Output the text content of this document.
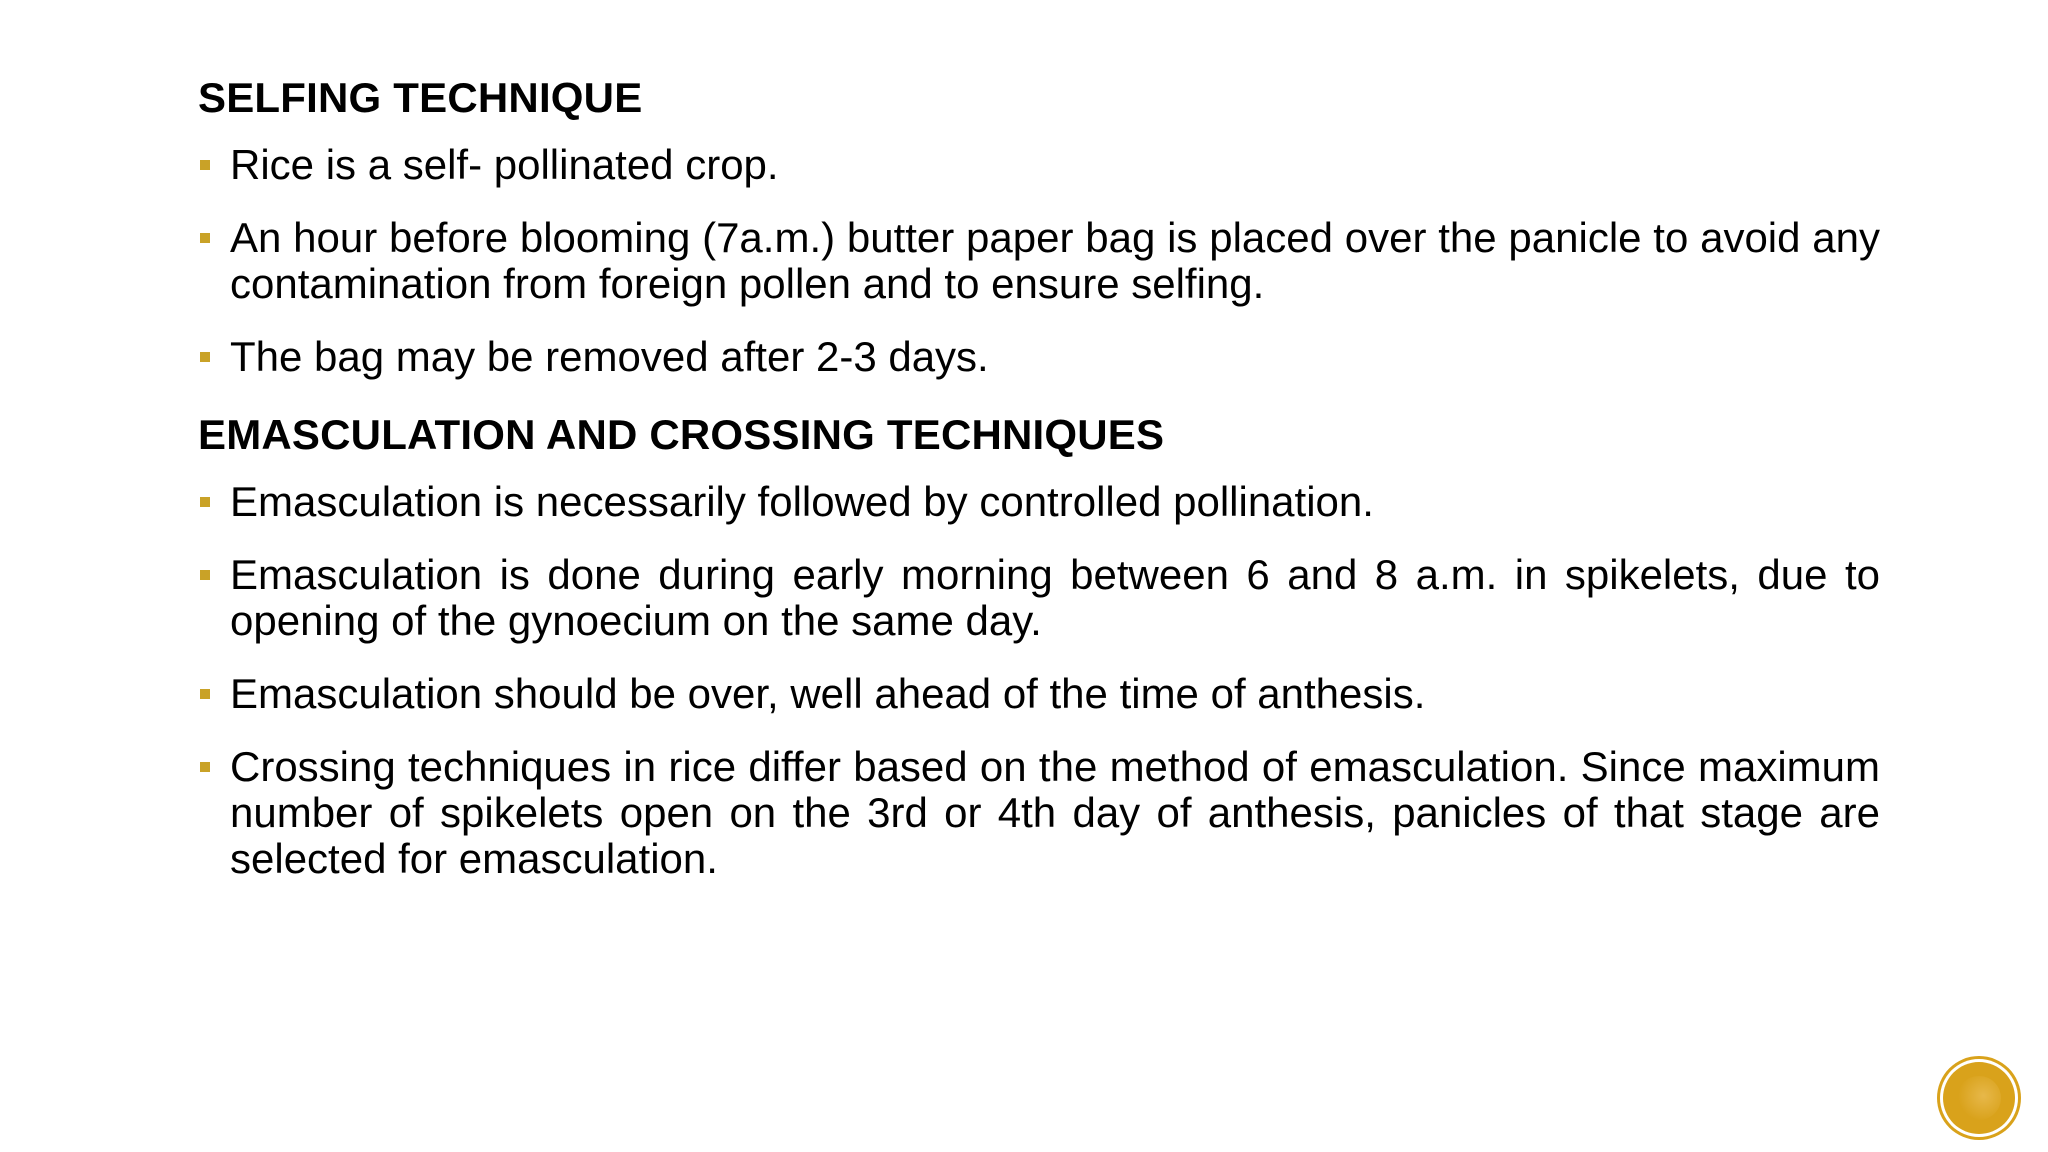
SELFING TECHNIQUE
Rice is a self- pollinated crop.
An hour before blooming (7a.m.) butter paper bag is placed over the panicle to avoid any contamination from foreign pollen and to ensure selfing.
The bag may be removed after 2-3 days.
EMASCULATION AND CROSSING TECHNIQUES
Emasculation is necessarily followed by controlled pollination.
Emasculation is done during early morning between 6 and 8 a.m. in spikelets, due to opening of the gynoecium on the same day.
Emasculation should be over, well ahead of the time of anthesis.
Crossing techniques in rice differ based on the method of emasculation. Since maximum number of spikelets open on the 3rd or 4th day of anthesis, panicles of that stage are selected for emasculation.
